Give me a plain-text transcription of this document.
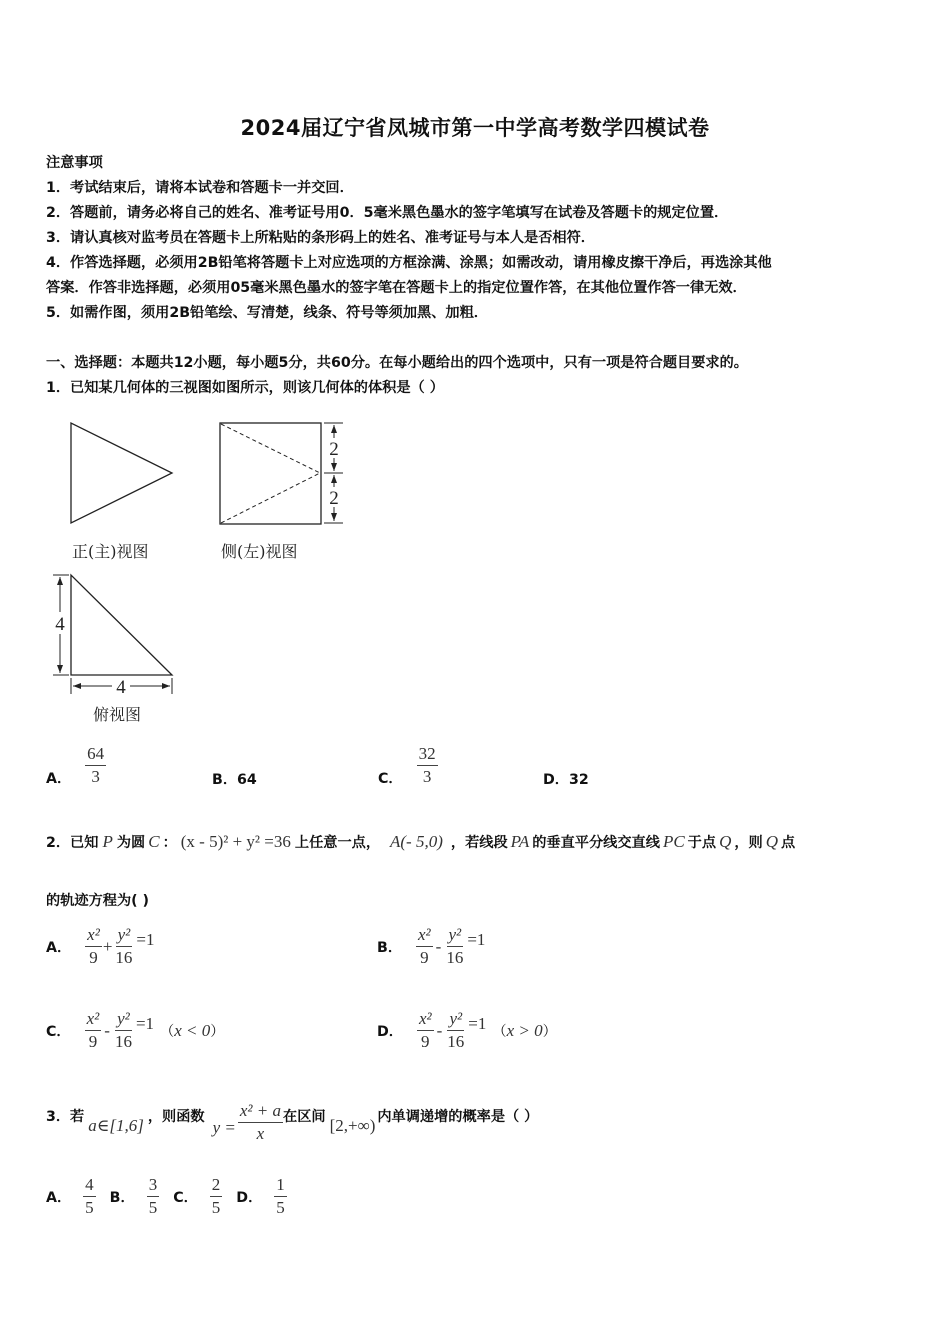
2024届辽宁省凤城市第一中学高考数学四模试卷
注意事项
1．考试结束后，请将本试卷和答题卡一并交回．
2．答题前，请务必将自己的姓名、准考证号用0．5毫米黑色墨水的签字笔填写在试卷及答题卡的规定位置．
3．请认真核对监考员在答题卡上所粘贴的条形码上的姓名、准考证号与本人是否相符．
4．作答选择题，必须用2B铅笔将答题卡上对应选项的方框涂满、涂黑；如需改动，请用橡皮擦干净后，再选涂其他
答案．作答非选择题，必须用05毫米黑色墨水的签字笔在答题卡上的指定位置作答，在其他位置作答一律无效．
5．如需作图，须用2B铅笔绘、写清楚，线条、符号等须加黑、加粗．
一、选择题：本题共12小题，每小题5分，共60分。在每小题给出的四个选项中，只有一项是符合题目要求的。
1．已知某几何体的三视图如图所示，则该几何体的体积是（ ）
2
2
4
4
正(主)视图	侧(左)视图
俯视图
A． $\frac{64}{3}$	B．64	C． $\frac{32}{3}$	D．32
2．已知 P 为圆 C ： (x - 5)² + y² =36 上任意一点， A(- 5,0) ，若线段 PA 的垂直平分线交直线 PC 于点 Q ，则 Q 点
的轨迹方程为( )
A． $\frac{\text{x²}}{9} + \frac{\text{y²}}{16} =1$	B． $\frac{\text{x²}}{9} - \frac{\text{y²}}{16} =1$
C． $\frac{\text{x²}}{9} - \frac{\text{y²}}{16} =1$ （ x < 0 ）	D． $\frac{\text{x²}}{9} - \frac{\text{y²}}{16} =1$ （ x > 0 ）
3．若 a∈[1,6] ，则函数
$y = \frac{\text{x² + a}}{x}$ 在区间 [2,+∞) 内单调递增的概率是（ ）
A． $\frac{4}{5}$ B． $\frac{3}{5}$ C． $\frac{2}{5}$ D． $\frac{1}{5}$
